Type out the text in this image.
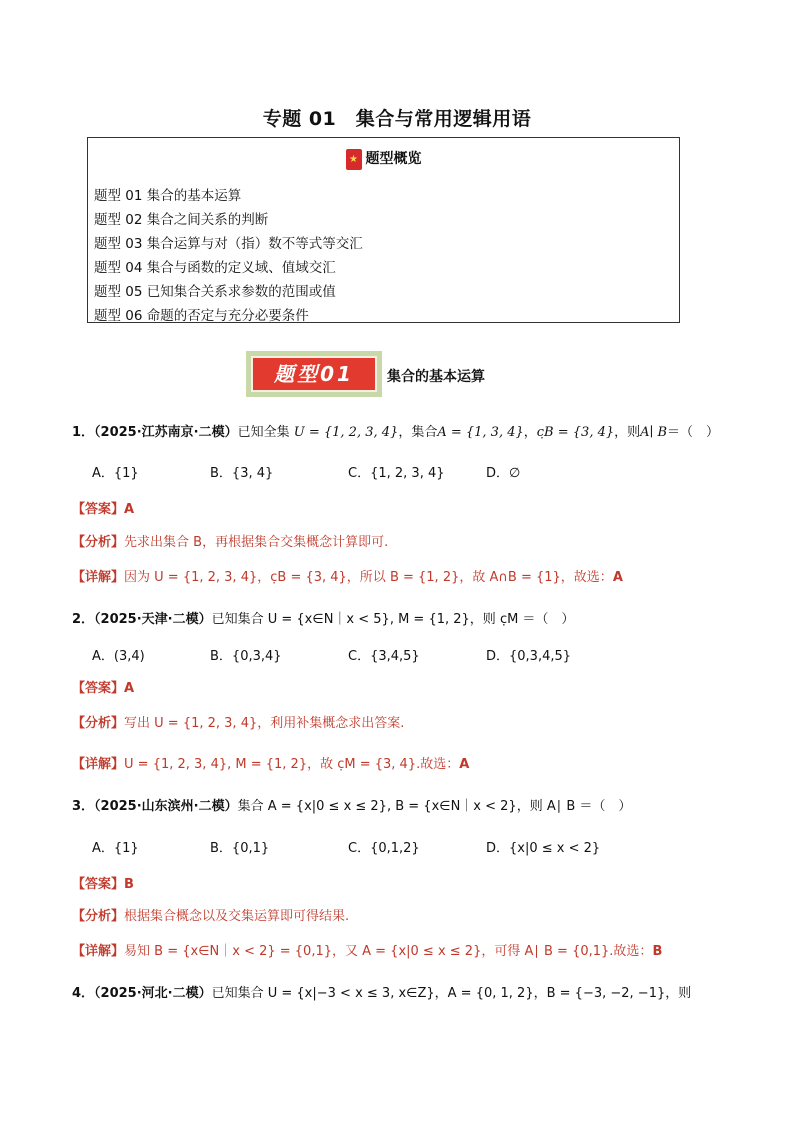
专题 01　集合与常用逻辑用语
★ 题型概览
题型 01 集合的基本运算
题型 02 集合之间关系的判断
题型 03 集合运算与对（指）数不等式等交汇
题型 04 集合与函数的定义域、值域交汇
题型 05 已知集合关系求参数的范围或值
题型 06 命题的否定与充分必要条件
题型01	集合的基本运算
1．（2025·江苏南京·二模）已知全集 U = {1, 2, 3, 4}，集合A = {1, 3, 4}，ⅽ̣B = {3, 4}，则A∣ B＝（　）
A．{1}	B．{3, 4}	C．{1, 2, 3, 4}	D．∅
【答案】A
【分析】先求出集合 B，再根据集合交集概念计算即可.
【详解】因为 U = {1, 2, 3, 4}，ⅽ̣B = {3, 4}，所以 B = {1, 2}，故 A∩B = {1}，故选：A
2．（2025·天津·二模）已知集合 U = {x∈N｜x < 5}, M = {1, 2}，则 ⅽ̣M ＝（　）
A．(3,4)	B．{0,3,4}	C．{3,4,5}	D．{0,3,4,5}
【答案】A
【分析】写出 U = {1, 2, 3, 4}，利用补集概念求出答案.
【详解】U = {1, 2, 3, 4}, M = {1, 2}，故 ⅽ̣M = {3, 4}.故选：A
3．（2025·山东滨州·二模）集合 A = {x|0 ≤ x ≤ 2}, B = {x∈N｜x < 2}，则 A∣ B ＝（　）
A．{1}	B．{0,1}	C．{0,1,2}	D．{x|0 ≤ x < 2}
【答案】B
【分析】根据集合概念以及交集运算即可得结果.
【详解】易知 B = {x∈N｜x < 2} = {0,1}，又 A = {x|0 ≤ x ≤ 2}，可得 A∣ B = {0,1}.故选：B
4．（2025·河北·二模）已知集合 U = {x|−3 < x ≤ 3, x∈Z}，A = {0, 1, 2}，B = {−3, −2, −1}，则
